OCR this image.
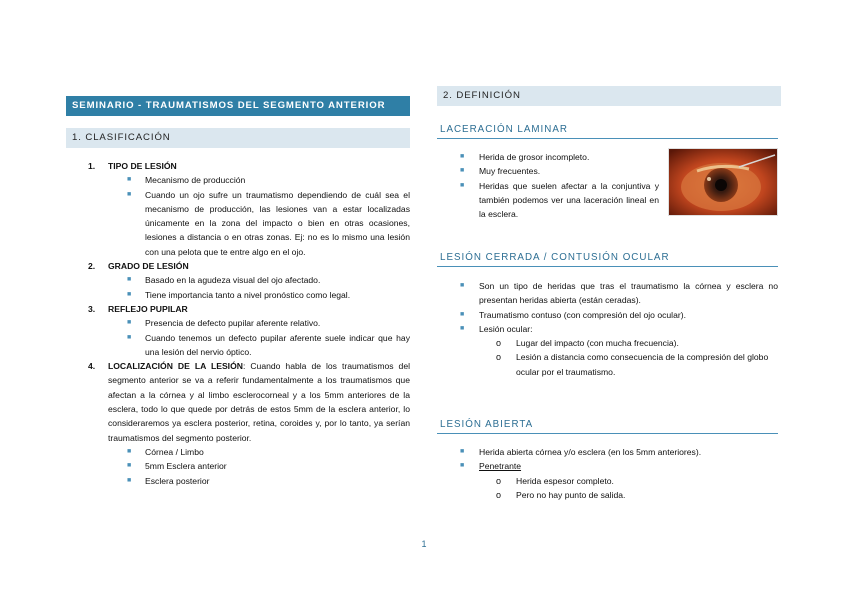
SEMINARIO - TRAUMATISMOS DEL SEGMENTO ANTERIOR
1. CLASIFICACIÓN
1. TIPO DE LESIÓN
■ Mecanismo de producción
■ Cuando un ojo sufre un traumatismo dependiendo de cuál sea el mecanismo de producción, las lesiones van a estar localizadas únicamente en la zona del impacto o bien en otras ocasiones, lesiones a distancia o en otras zonas. Ej: no es lo mismo una lesión con una pelota que te entre algo en el ojo.
2. GRADO DE LESIÓN
■ Basado en la agudeza visual del ojo afectado.
■ Tiene importancia tanto a nivel pronóstico como legal.
3. REFLEJO PUPILAR
■ Presencia de defecto pupilar aferente relativo.
■ Cuando tenemos un defecto pupilar aferente suele indicar que hay una lesión del nervio óptico.
4. LOCALIZACIÓN DE LA LESIÓN: Cuando habla de los traumatismos del segmento anterior se va a referir fundamentalmente a los traumatismos que afectan a la córnea y al limbo esclerocorneal y a los 5mm anteriores de la esclera, todo lo que quede por detrás de estos 5mm de la esclera anterior, lo consideraremos ya esclera posterior, retina, coroides y, por lo tanto, ya serían traumatismos del segmento posterior.
■ Córnea / Limbo
■ 5mm Esclera anterior
■ Esclera posterior
2. DEFINICIÓN
LACERACIÓN LAMINAR
■ Herida de grosor incompleto.
■ Muy frecuentes.
■ Heridas que suelen afectar a la conjuntiva y también podemos ver una laceración lineal en la esclera.
LESIÓN CERRADA / CONTUSIÓN OCULAR
■ Son un tipo de heridas que tras el traumatismo la córnea y esclera no presentan heridas abierta (están ceradas).
■ Traumatismo contuso (con compresión del ojo ocular).
■ Lesión ocular:
o Lugar del impacto (con mucha frecuencia).
o Lesión a distancia como consecuencia de la compresión del globo ocular por el traumatismo.
LESIÓN ABIERTA
■ Herida abierta córnea y/o esclera (en los 5mm anteriores).
■ Penetrante
o Herida espesor completo.
o Pero no hay punto de salida.
1
